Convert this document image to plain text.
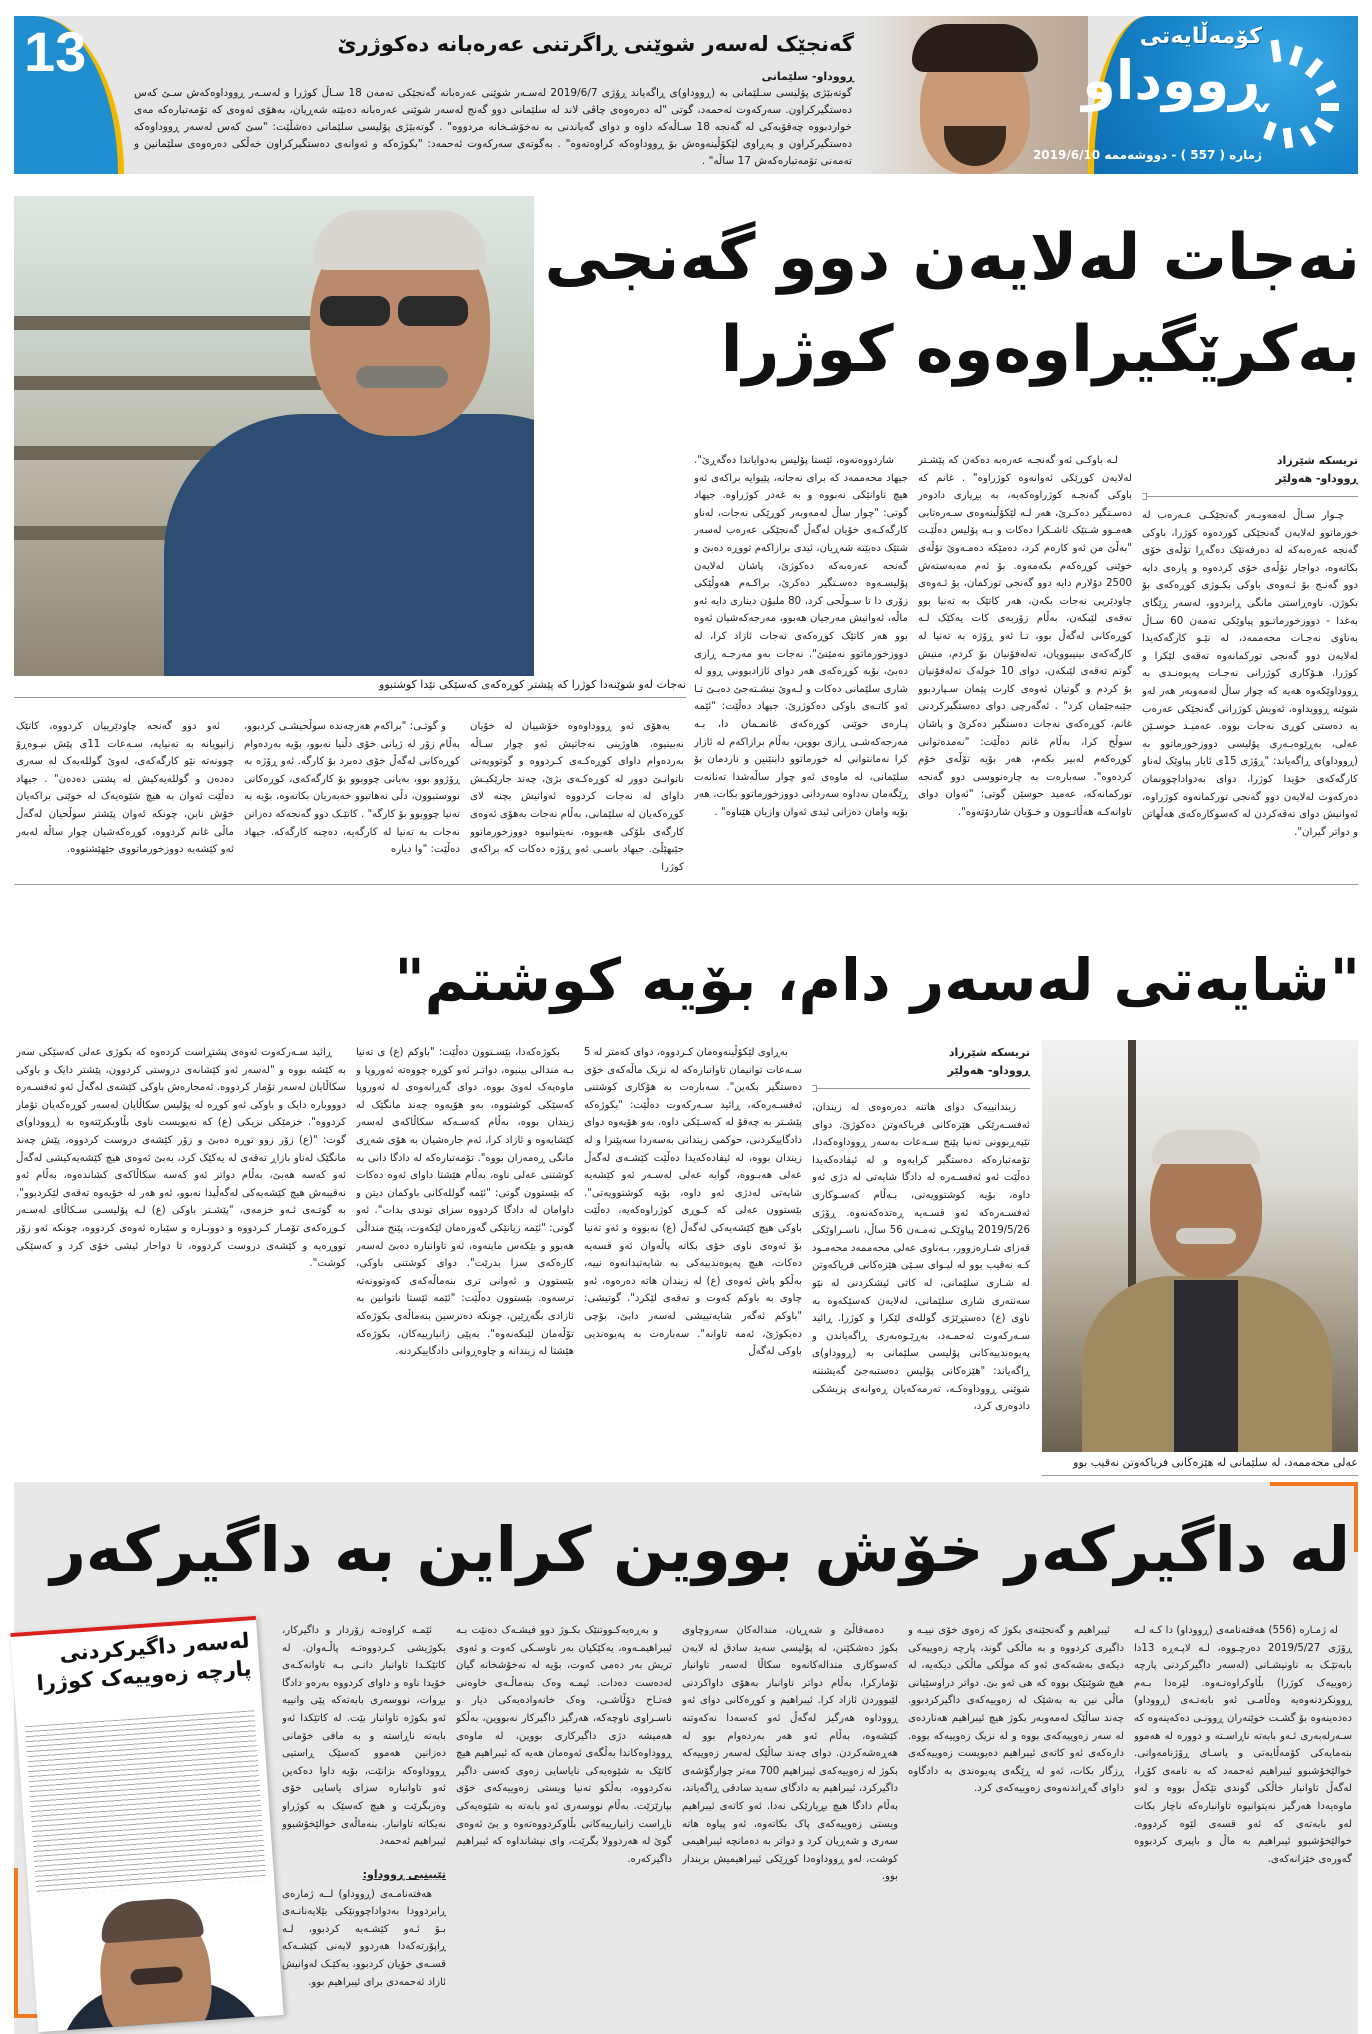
13	گەنجێک لەسەر شوێنی ڕاگرتنی عەرەبانە دەکوژرێ
ڕووداو- سلێمانی
گوتەبێژی پۆلیسی سـلێمانی بە (ڕووداو)ی ڕاگەیاند ڕۆژی 2019/6/7 لەسـەر شوێنی عەرەبانە گەنجێکی تەمەن 18 سـاڵ کوژرا و لەسـەر ڕووداوەکەش سـێ کەس دەستگیرکراون. سەرکەوت ئەحمەد، گوتی "لە دەرەوەی چاڤی لاند لە سلێمانی دوو گەنج لەسەر شوێنی عەرەبانە دەبێتە شەڕیان، بەهۆی ئەوەی کە تۆمەتبارەکە مەی خواردبووە چەقۆیەکی لە گەنجە 18 سـاڵەکە داوە و دوای گەیاندنی بە نەخۆشـخانە مردووە" . گوتەبێژی پۆلیسی سلێمانی دەشڵێت: "سێ کەس لەسەر ڕووداوەکە دەستگیرکراون و پەڕاوی لێکۆڵینەوەش بۆ ڕووداوەکە کراوەتەوە" . بەگوتەی سەرکەوت ئەحمەد: "بکوژەکە و ئەوانەی دەستگیرکراون خەڵکی دەرەوەی سلێمانین و تەمەنی تۆمەتبارەکەش 17 ساڵە" .
کۆمەڵایەتی
ڕووداو
ژمارە ( 557 ) - دووشەممە 2019/6/10
نەجات لەو شوێنەدا کوژرا کە پێشتر کوڕەکەی کەسێکی تێدا کوشتبوو
نەجات لەلایەن دوو گەنجی
بەکرێگیراوەوە کوژرا
تریسکە شێرزاد
ڕووداو- هەولێر

چـوار سـاڵ لەمەوبـەر گەنجێکـی عـەرەب لە خورماتوو لەلایەن گەنجێکی کوردەوە کوژرا، باوکی گەنجە عەرەبەکە لە دەرفەتێک دەگەڕا تۆڵەی خۆی بکاتەوە، دواجار تۆڵەی خۆی کردەوە و پارەی دایە دوو گەنـج بۆ ئـەوەی باوکی بکـوژی کوڕەکەی بۆ بکوژن. ناوەڕاستی مانگی ڕابردوو، لەسەر ڕێگای بەغدا - دووزخورماتـوو پیاوێکی تەمەن 60 سـاڵ بەناوی نەجـات محەممەد، لە نێـو کارگەکەیدا لەلایەن دوو گەنجی تورکمانەوە تەقەی لێکرا و کوژرا. هـۆکاری کوژرانی نەجـات پەیوەنـدی بە ڕووداوێکەوە هەیە کە چوار ساڵ لەمەوبەر هەر لەو شوێنە ڕوویداوە، ئەویش کوژرانی گەنجێکی عەرەب بە دەستی کوڕی نەجات بووە. عەمیـد حوسـێن عەلی، بەڕێوەبـەری پۆلیسی دووزخورماتوو بە (ڕووداو)ی ڕاگەیاند: "ڕۆژی 15ی ئایار پیاوێک لەناو کارگەکەی خۆیدا کوژرا، دوای بەدواداچوونمان دەرکەوت لەلایەن دوو گەنجی تورکمانەوە کوژراوە، ئەوانیش دوای تەقەکردن لە کەسوکارەکەی هەڵهاتن و دواتر گیران".

لـە باوکـی ئەو گەنجـە عەرەبە دەکەن کە پێشـتر لەلایەن کوڕێکی ئەوانەوە کوژراوە" . غانم کە باوکی گەنجـە کوژراوەکەیە، بە بڕیاری دادوەر دەسـتگیر دەکـرێ، هەر لـە لێکۆڵینەوەی سـەرەتایی هەمـوو شـتێک ئاشـکرا دەکات و بـە پۆلیس دەڵێـت "بەڵێ من ئەو کارەم کرد، دەمێکە دەمـەوێ تۆڵەی خوێنی کوڕەکەم بکەمەوە. بۆ ئەم مەبەستەش 2500 دۆلارم دایە دوو گەنجی تورکمان، بۆ ئـەوەی چاودێریی نەجات بکەن، هەر کاتێک بە تەنیا بوو تەقەی لێبکەن، بەڵام زۆربەی کات یەکێک لـە کوڕەکانی لەگەڵ بوو، تـا ئەو ڕۆژە بە تەنیا لە کارگەکەی بینیبوویان، تەلەفۆنیان بۆ کردم، منیش گوتم تەقەی لێبکەن، دوای 10 خولەک تەلەفۆنیان بۆ کردم و گوتیان ئەوەی کارت پێمان سـپاردبوو جێبەجێمان کرد" . ئەگەرچی دوای دەستگیرکردنی غانم، کوڕەکەی نەجات دەستگیر دەکرێ و پاشان سوڵح کرا، بەڵام غانم دەڵێت: "نەمدەتوانی کوڕەکەم لەبیر بکەم، هەر بۆیە تۆڵەی خۆم کردەوە". سەبارەت بە چارەنووسی دوو گەنجە تورکمانەکە، عەمید حوسێن گوتی: "ئەوان دوای تاوانەکـە هەڵاتـوون و خـۆیان شاردۆتەوە".

شاردووەتەوە، ئێستا پۆلیس بەدوایاندا دەگەڕێ". جیهاد محەممەد کە برای نەجاتە، پێیوایە براکەی ئەو هیچ تاوانێکی نەبووە و بە غەدر کوژراوە. جیهاد گوتی: "چوار ساڵ لەمەوبەر کوڕێکی نەجات، لەناو کارگەکـەی خۆیان لەگەڵ گەنجێکی عەرەب لەسەر شتێک دەبێتە شەڕیان، ئیدی برازاکەم تووڕە دەبێ و گەنجە عەرەبەکە دەکوژێ، پاشان لەلایەن پۆلیسـەوە دەسـتگیر دەکرێ، براکـەم هەوڵێکی زۆری دا تا سـوڵحی کرد، 80 ملیۆن دیناری دایە ئەو ماڵە، ئەوانیش مەرجیان هەبوو، مەرجەکەشیان ئەوە بوو هەر کاتێک کوڕەکەی نەجات ئازاد کرا، لە دووزخورماتوو نەمێنێ". نەجات بەو مەرجـە ڕازی دەبێ، بۆیە کوڕەکەی هەر دوای ئازادبوونی ڕوو لە شاری سلێمانی دەکات و لـەوێ نیشـتەجێ دەبـێ تـا ئەو کاتـەی باوکی دەکوژرێ. جیهاد دەڵێت: "ئێمە پـارەی خوێنی کوڕەکەی غانمـمان دا، بـە مەرجەکەشـی ڕازی بووین، بەڵام برازاکەم لە ئازار کرا نەمانتوانی لە خورماتوو دابنێنین و ناردمان بۆ سلێمانی، لە ماوەی ئەو چوار ساڵەشدا تەنانەت ڕێگەمان نەداوە سەردانی دووزخورماتوو بکات، هەر بۆیە وامان دەزانی ئیدی ئەوان وازیان هێناوە" .

بەهۆی ئەو ڕووداوەوە خۆشییان لە خۆیان نەبینیوە، هاوژینی نەجاتیش ئەو چوار سـاڵە بەردەوام داوای کوڕەکـەی کـردووە و گوتوویەتی ناتوانـێ دوور لە کوڕەکـەی بژێ، چەند جارێکیـش داوای لە نەجات کردووە ئەوانیش بچنە لای کوڕەکەیان لە سلێمانی، بەڵام نەجات بەهۆی ئەوەی کارگەی بلۆکی هەبووە، نەیتوانیوە دووزخورماتوو جێبهێڵێ. جیهاد باسـی ئەو ڕۆژە دەکات کە براکەی کوژرا

و گوتـی: "براکەم هەرچەندە سوڵحیشـی کردبوو، بەڵام زۆر لە ژیانی خۆی دڵنیا نەبوو، بۆیە بەردەوام کوڕەکانی لەگەڵ خۆی دەبرد بۆ کارگە. ئەو ڕۆژە بە ڕۆژوو بوو، بەیانی چووبوو بۆ کارگەکەی، کوڕەکانی نووستبوون، دڵی نەهاتبوو خەبەریان بکاتەوە، بۆیە بە تەنیا چووبوو بۆ کارگە" . کاتێـک دوو گەنجەکە دەزانن نەجات بە تەنیا لە کارگەیە، دەچنە کارگەکە. جیهاد دەڵێت: "وا دیارە

ئەو دوو گەنجە چاودێرییان کردووە، کاتێک زانیویانە بە تەنیایە، سـەعات 11ی پێش نیـوەڕۆ چوونەتە نێو کارگەکەی، لەوێ گوللەیەک لە سەری دەدەن و گوللەیەکیش لە پشتی دەدەن" . جیهاد دەڵێت ئەوان بە هیچ شێوەیەک لە خوێنی براکەیان خۆش نابن، چونکە ئەوان پێشتر سوڵحیان لەگەڵ ماڵی غانم کردووە، کوڕەکەشیان چوار ساڵە لەبەر ئەو کێشەیە دووزخورماتووی جێهێشتووە.

"شایەتی لەسەر دام، بۆیە کوشتم"
عەلی محەممەد، لە سلێمانی لە هێزەکانی فریاکەوتن نەقیب بوو
تریسکە شێرزاد
ڕووداو- هەولێر

زیندانییەک دوای هاتنە دەرەوەی لە زیندان، ئەفسـەرێکی هێزەکانی فریاکەوتن دەکوژێ. دوای تێپەڕبوونی تەنیا پێنج سـەعات بەسەر ڕووداوەکەدا، تۆمەتبارەکە دەستگیر کرایەوە و لە ئیفادەکەیدا دەڵێت ئەو ئەفسـەرە لە دادگا شایەتی لە دژی ئەو داوە، بۆیە کوشتوویەتی، بـەڵام کەسـوکاری ئەفسـەرەکە ئەو قسـەیە ڕەتدەکەنەوە. ڕۆژی 2019/5/26 پیاوێکـی تەمـەن 56 ساڵ، ناسـراوێکی قەزای شـارەزوور، بـەناوی عەلی محەممەد محەمـود کـە نەقیب بوو لە لیـوای سـێی هێزەکانی فریاکەوتن لە شـاری سلێمانی، لە کاتی ئیشکردنی لە نێو سەنتەری شاری سلێمانی، لەلایەن کەسێکەوە بە ناوی (ع) دەستڕێژی گوللەی لێکرا و کوژرا. ڕائید سـەرکەوت ئەحمـەد، بەڕێـوەبەری ڕاگەیاندن و پەیوەندییەکانی پۆلیسی سلێمانی بە (ڕووداو)ی ڕاگەیاند: "هێزەکانی پۆلیس دەستبەجێ گەیشتنە شوێنی ڕووداوەکـە، تەرمەکەیان ڕەوانەی پزیشکی دادوەری کرد،

بەڕاوی لێکۆڵینەوەمان کـردووە، دوای کەمتر لە 5 سـەعات توانیمان تاوانبارەکە لە نزیک ماڵەکەی خۆی دەستگیر بکەین". سەبارەت بە هۆکاری کوشتنی ئەفسـەرەکە، ڕائید سـەرکەوت دەڵێت: "بکوژەکە پێشـتر بە چەقۆ لە کەسـێکی داوە، بەو هۆیەوە دوای دادگاییکردنی، حوکمی زیندانی بەسەردا سەپێنرا و لە زیندان بووە، لە ئیفادەکەیدا دەڵێت کێشـەی لەگەڵ عەلی هەبـووە، گوایە عەلی لەسـەر ئەو کێشەیە شایەتی لەدژی ئەو داوە، بۆیە کوشتوویەتی". بێستوون عەلی کە کـوڕی کوژراوەکەیە، دەڵێت باوکی هیچ کێشەیەکی لەگەڵ (ع) نەبووە و ئەو تەنیا بۆ ئەوەی ناوی خۆی بکاتە پاڵەوان ئەو قسەیە دەکات، هیچ پەیوەندییەکی بە شایەتیدانەوە نییە، بەڵکو پاش ئەوەی (ع) لە زیندان هاتە دەرەوە، ئەو چاوی بە باوکم کەوت و تەقەی لێکرد". گوتیشی: "باوکم ئەگەر شایەتییشی لەسەر دابێ، بۆچی دەیکوژێ، ئەمە تاوانە". سەبارەت بە پەیوەندیی باوکی لەگەڵ

بکوژەکەدا، بێسـتوون دەڵێت: "باوکم (ع) ی تەنیا بـە مندالی بینیوە، دواتـر ئەو کوڕە چووەتە ئەوروپا و ماوەیەک لەوێ بووە. دوای گەڕانەوەی لە ئەوروپا کەسێکی کوشتووە، بەو هۆیەوە چەند مانگێک لە زیندان بووە، بەڵام کەسـەکە سکاڵاکەی لەسەر کێشایەوە و ئازاد کرا، ئەم جارەشیان بە هۆی شەڕی مانگی ڕەمەزان بووە". تۆمەتبارەکە لە دادگا دانی بە کوشتنی عەلی ناوە، بەڵام هێشتا داوای ئەوە دەکات کە بێستوون گوتی: "ئێمە گوللەکانی باوکمان دیتن و داوامان لە دادگا کردووە سزای توندی بدات". ئەو گوتی: "ئێمە زیانێکی گەورەمان لێکەوت، پێنج منداڵی هەبوو و بێکەس ماینەوە، ئەو تاوانبارە دەبێ لەسەر کارەکەی سزا بدرێت". دوای کوشتنی باوکی، بێستوون و ئەوانی تری بنەماڵەکەی کەوتوونەتە ترسەوە. بێستوون دەڵێت: "ئێمە ئێستا ناتوانین بە ئازادی بگەڕێین، چونکە دەترسین بنەماڵەی بکوژەکە تۆڵەمان لێبکەنەوە". بەپێی زانیارییەکان، بکوژەکە هێشتا لە زیندانە و چاوەڕوانی دادگاییکردنە.

ڕائید سـەرکەوت ئەوەی پشتڕاست کردەوە کە بکوژی عەلی کەسێکی سەر بە کێشە بووە و "لەسەر ئەو کێشانەی دروستی کردوون، پێشتر دایک و باوکی سکاڵایان لەسەر تۆمار کردووە. ئەمجارەش باوکی کێشەی لەگەڵ ئەو ئەفسـەرە دوووبارە دایک و باوکی ئەو کوڕە لە پۆلیس سکاڵایان لەسەر کوڕەکەیان تۆمار کردووە". خزمێکی نزیکی (ع) کە نەیویست ناوی بڵاوبکرێتەوە بە (ڕووداو)ی گوت: "(ع) زۆر زوو توڕە دەبێ و زۆر کێشەی دروست کردووە، پێش چەند مانگێک لەناو بازاڕ تەقەی لە یەکێک کرد، بەبێ ئەوەی هیچ کێشەیەکیشی لەگەڵ ئەو کەسە هەبێ، بەڵام دواتر ئەو کەسە سکاڵاکەی کشاندەوە، بەڵام ئەو نەقیبەش هیچ کێشەیەکی لەگەڵیدا نەبوو، ئەو هەر لە خۆیەوە تەقەی لێکردبوو". بە گوتـەی ئـەو خزمەی، "پێشـتر باوکی (ع) لـە پۆلیسـی سـکاڵای لەسـەر کـوڕەکەی تۆمـار کـردووە و دووبـارە و سێبارە ئەوەی کردووە، چونکە ئەو زۆر تووڕەیە و کێشەی دروست کردووە، تا دواجار ئیشی خۆی کرد و کەسێکی کوشت".

لە داگیرکەر خۆش بووین کراین بە داگیرکەر
لەسەر داگیرکردنی پارچە زەوییەک کوژرا

لە ژمـارە (556) هەفتەنامەی (ڕووداو) دا کـە لـە ڕۆژی 2019/5/27 دەرچـووە، لـە لاپـەڕە 13دا بابەتێـک بە ناونیشـانی (لەسەر داگیرکردنی پارچە زەوییەک کوژرا) بڵاوکراوەتـەوە. لێرەدا بـەم ڕوونکردنەوەیە وەڵامـی ئەو بابەتـەی (ڕووداو) دەدەینەوە بۆ گشـت خوێنەران ڕوونـی دەکەینەوە کە سـەرلەبەری ئـەو بابەتە ناڕاسـتە و دوورە لە هەموو بنەمایەکی کۆمەڵایەتی و یاسـای ڕۆژنامەوانی. خوالێخۆشبوو ئیبراهیم ئەحمەد کە بە نامەی کۆڕا، لەگەڵ تاوانبار خاڵکی گوندی تێکەڵ بووە و لەو ماوەیەدا هەرگیز نەیتوانیوە تاوانبارەکە ناچار بکات لەو بابەتەی کە ئەو قسەی لێوە کردووە. خوالێخۆشبوو ئیبراهیم بە ماڵ و باپیری کردبووە گەورەی خێزانەکەی.

ئیبراهیم و گەنجێنەی بکوژ کە زەوی خۆی نییـە و داگیری کردووە و بە ماڵکی گوند، پارچە زەوییەکی دیکەی بەشەکەی ئەو کە موڵکی ماڵکی دیکەیە، لە هیچ شوێنێک بووە کە هی ئەو بێ. دواتر دراوسێیانی ماڵی نین بە بەشێک لە زەوییەکەی داگیرکردبوو. چەند ساڵێک لەمەوبەر بکوژ هیچ ئیبراهیم هەناردەی لە سەر زەوییەکەی بووە و لە نزیک زەوییەکە بووە. دارەکەی ئەو کاتەی ئیبراهیم دەیویست زەوییەکەی ڕزگار بکات، ئەو لە ڕێگەی پەیوەندی بە دادگاوە داوای گەڕاندنەوەی زەوییەکەی کرد.

دەمەقاڵێ و شەڕیان، مندالەکان سەروچاوی بکوژ دەشکێنن، لە پۆلیسی سەید سادق لە لایەن کەسوکاری مندالەکانەوە سکاڵا لەسەر تاوانبار تۆمارکرا، بەڵام دواتر تاوانبار بەهۆی داواکردنی لێبووردن ئازاد کرا. ئیبراهیم و کوڕەکانی دوای ئەو ڕووداوە هەرگیز لەگەڵ ئەو کەسەدا نەکەوتنە کێشەوە، بەڵام ئەو هەر بەردەوام بوو لە هەڕەشەکردن. دوای چەند ساڵێک لەسەر زەوییەکە بکوژ لە زەوییەکەی ئیبراهیم 700 مەتر چوارگۆشەی داگیرکرد، ئیبراهیم بە دادگای سەید سادقی ڕاگەیاند، بەڵام دادگا هیچ بڕیارێکی نەدا. ئەو کاتەی ئیبراهیم ویستی زەوییەکەی پاک بکاتەوە، ئەو پیاوە هاتە سەری و شەڕیان کرد و دواتر بە دەمانچە ئیبراهیمی کوشت، لەو ڕووداوەدا کوڕێکی ئیبراهیمیش بریندار بوو.

و بەڕەیەکـووتنێک بکـوژ دوو فیشـەک دەنێت بـە ئیبراهیمـەوە، یەکێکیان بەر ناوسـکی کەوت و ئەوی تریش بەر دەمی کەوت، بۆیە لە نەخۆشخانە گیان لەدەست دەدات. ئیمـە وەک بنەماڵـەی خاوەنی فەتـاح دۆڵاشـی، وەک خانەوادەیەکی دیار و ناسـراوی ناوچەکە، هەرگیز داگیرکار نەبووین، بەڵکو هەمیشە دژی داگیرکاری بووین، لە ماوەی ڕووداوەکاندا بەڵگەی ئەوەمان هەیە کە ئیبراهیم هیچ کاتێک بە شێوەیەکی نایاسایی زەوی کەسی داگیر نەکردووە، بەڵکو تەنیا ویستی زەوییەکەی خۆی بپارێزێت. بەڵام نووسەری ئەو بابەتە بە شێوەیەکی ناڕاست زانیارییەکانی بڵاوکردووەتەوە و بێ ئەوەی گوێ لە هەردوولا بگرێت، وای نیشانداوە کە ئیبراهیم داگیرکەرە.

ئێمـە کراوەتـە زۆردار و داگیرکار، بکوژیشی کـردووەتـە پاڵـەوان. لە کاتێکـدا تاوانبار دانـی بـە تاوانەکـەی خۆیدا ناوە و داوای کردووە بەرەو دادگا بڕوات، نووسەری بابەتەکە پێی وانییە ئەو بکوژە تاوانبار بێت. لە کاتێکدا ئەو بابەتە ناڕاستە و بە مافی خۆمانی دەزانین هەموو کەسێک ڕاستیی ڕووداوەکە بزانێت، بۆیە داوا دەکەین ئەو تاوانبارە سزای یاسایی خۆی وەربگرێت و هیچ کەسێک بە کوژراو نەیکاتە تاوانبار. بنەماڵەی خوالێخۆشبوو ئیبراهیم ئەحمەد

تێبینیی ڕووداو:

هەفتەنامـەی (ڕووداو) لــە ژمارەی ڕابردوودا بەدواداچوونێکی بێلایەنانـەی بـۆ ئـەو کێشـەیە کردبوو، لـە ڕاپۆرتەکەدا هەردوو لایەنی کێشـەکە قسـەی خۆیان کردبوو، یەکێـک لەوانیش ئازاد ئەحمەدی برای ئیبراهیم بوو.
